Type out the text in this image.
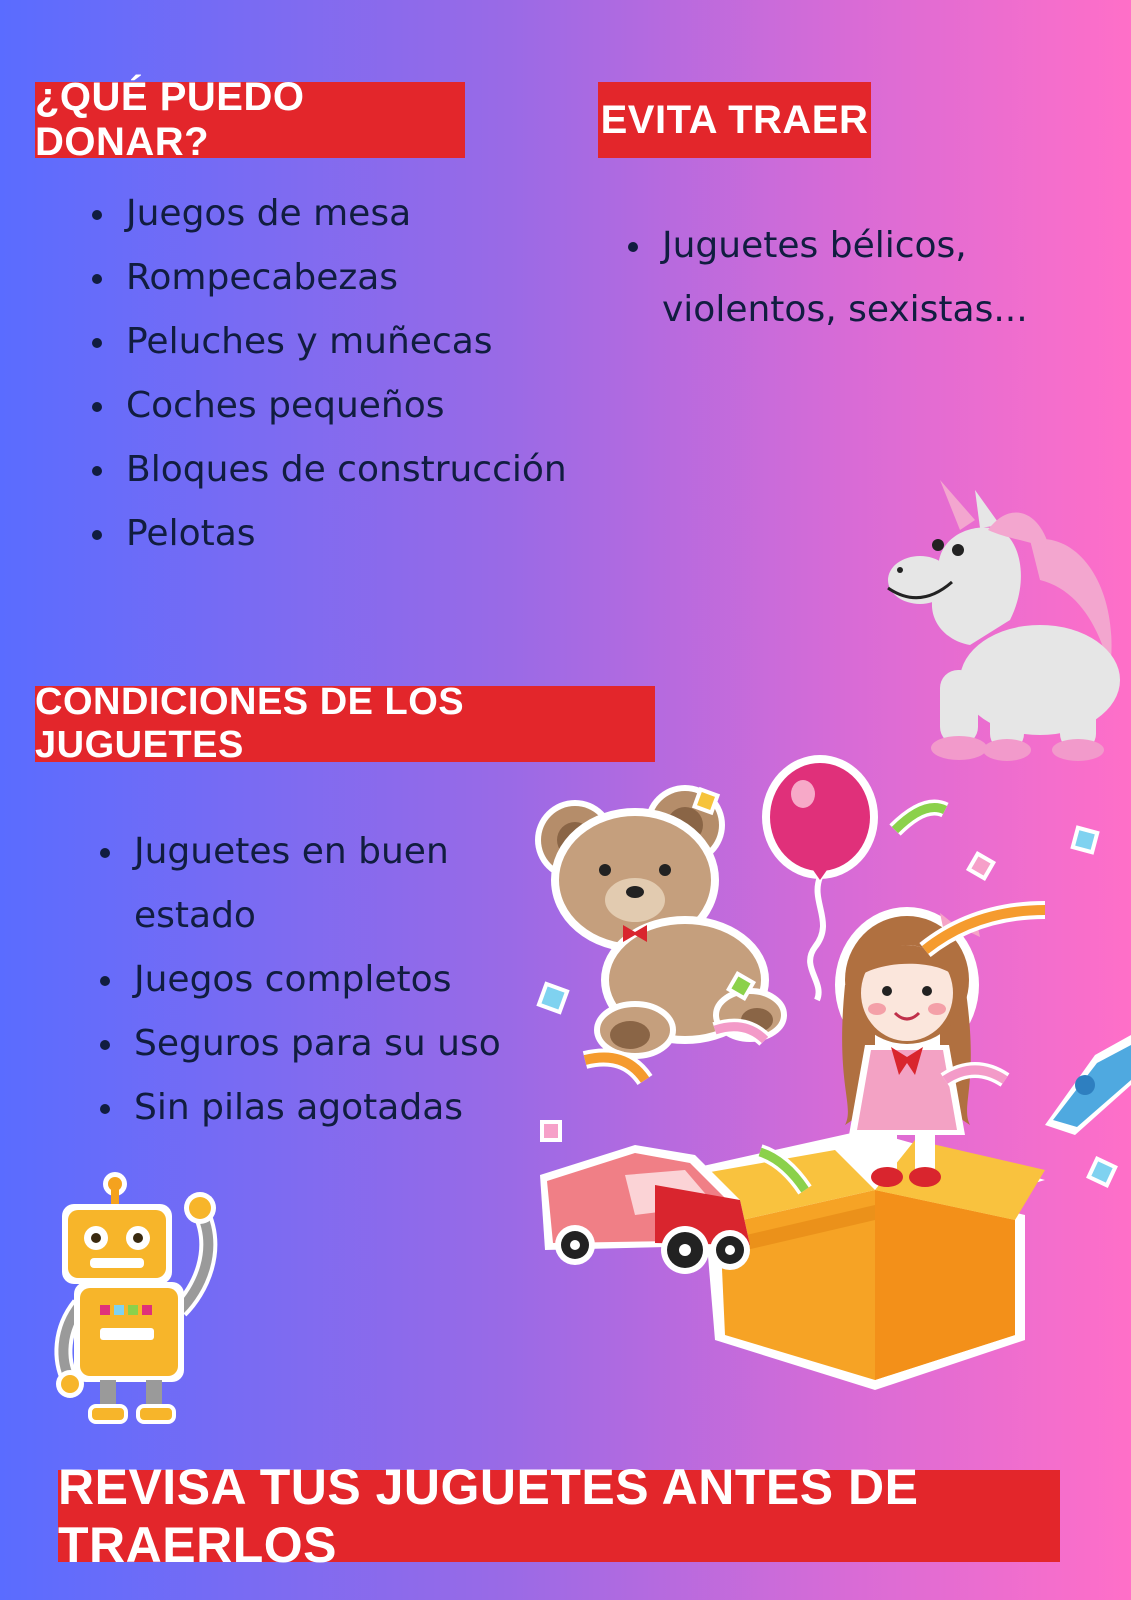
¿QUÉ PUEDO DONAR?
EVITA TRAER
CONDICIONES DE LOS JUGUETES
REVISA TUS JUGUETES ANTES DE TRAERLOS
Juegos de mesa
Rompecabezas
Peluches y muñecas
Coches pequeños
Bloques de construcción
Pelotas
Juguetes bélicos, violentos, sexistas...
Juguetes en buen estado
Juegos completos
Seguros para su uso
Sin pilas agotadas
